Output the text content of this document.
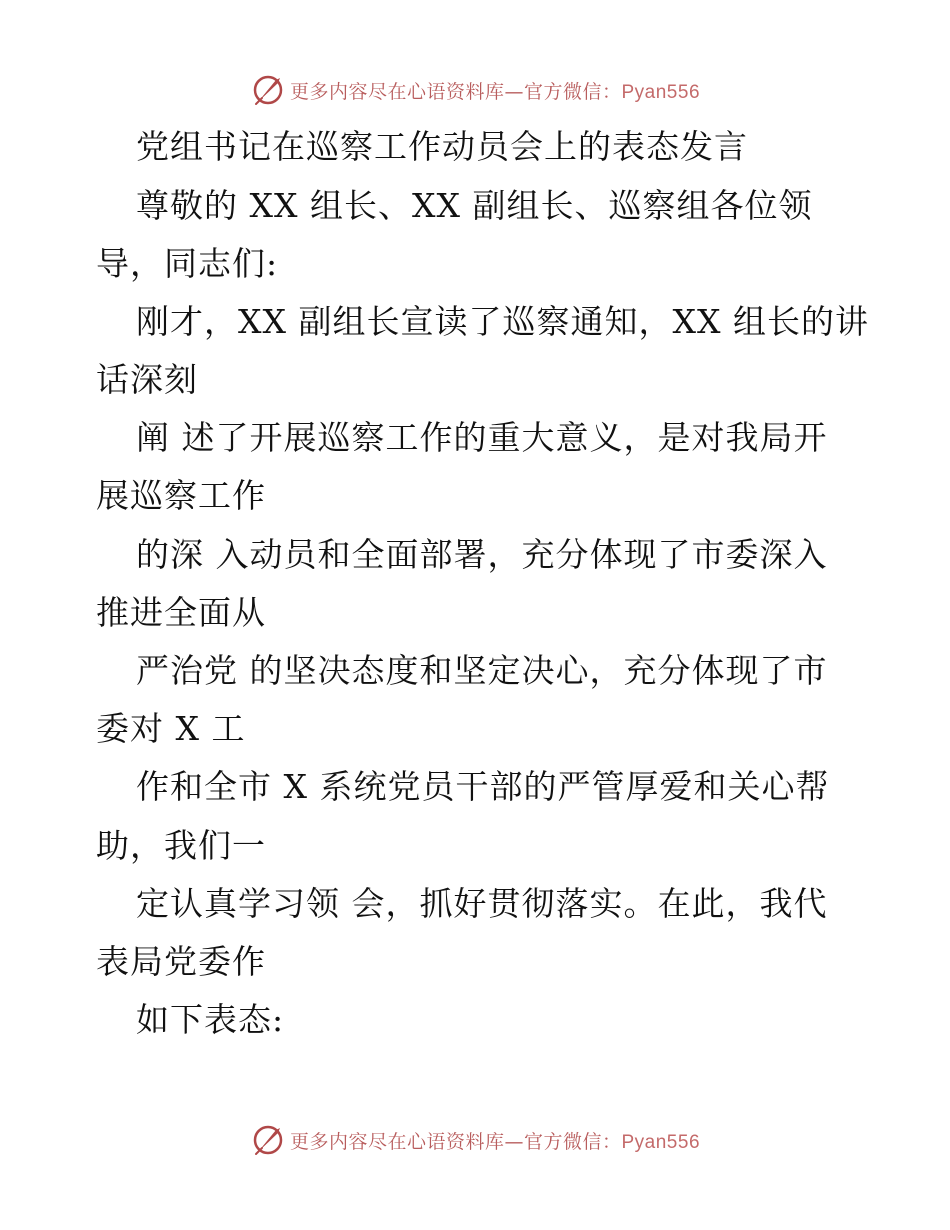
更多内容尽在心语资料库—官方微信：Pyan556
党组书记在巡察工作动员会上的表态发言
尊敬的 XX 组长、XX 副组长、巡察组各位领
导，同志们:
刚才，XX 副组长宣读了巡察通知，XX 组长的讲
话深刻
阐 述了开展巡察工作的重大意义，是对我局开
展巡察工作
的深 入动员和全面部署，充分体现了市委深入
推进全面从
严治党 的坚决态度和坚定决心，充分体现了市
委对 X 工
作和全市 X 系统党员干部的严管厚爱和关心帮
助，我们一
定认真学习领 会，抓好贯彻落实。在此，我代
表局党委作
如下表态:
更多内容尽在心语资料库—官方微信：Pyan556
